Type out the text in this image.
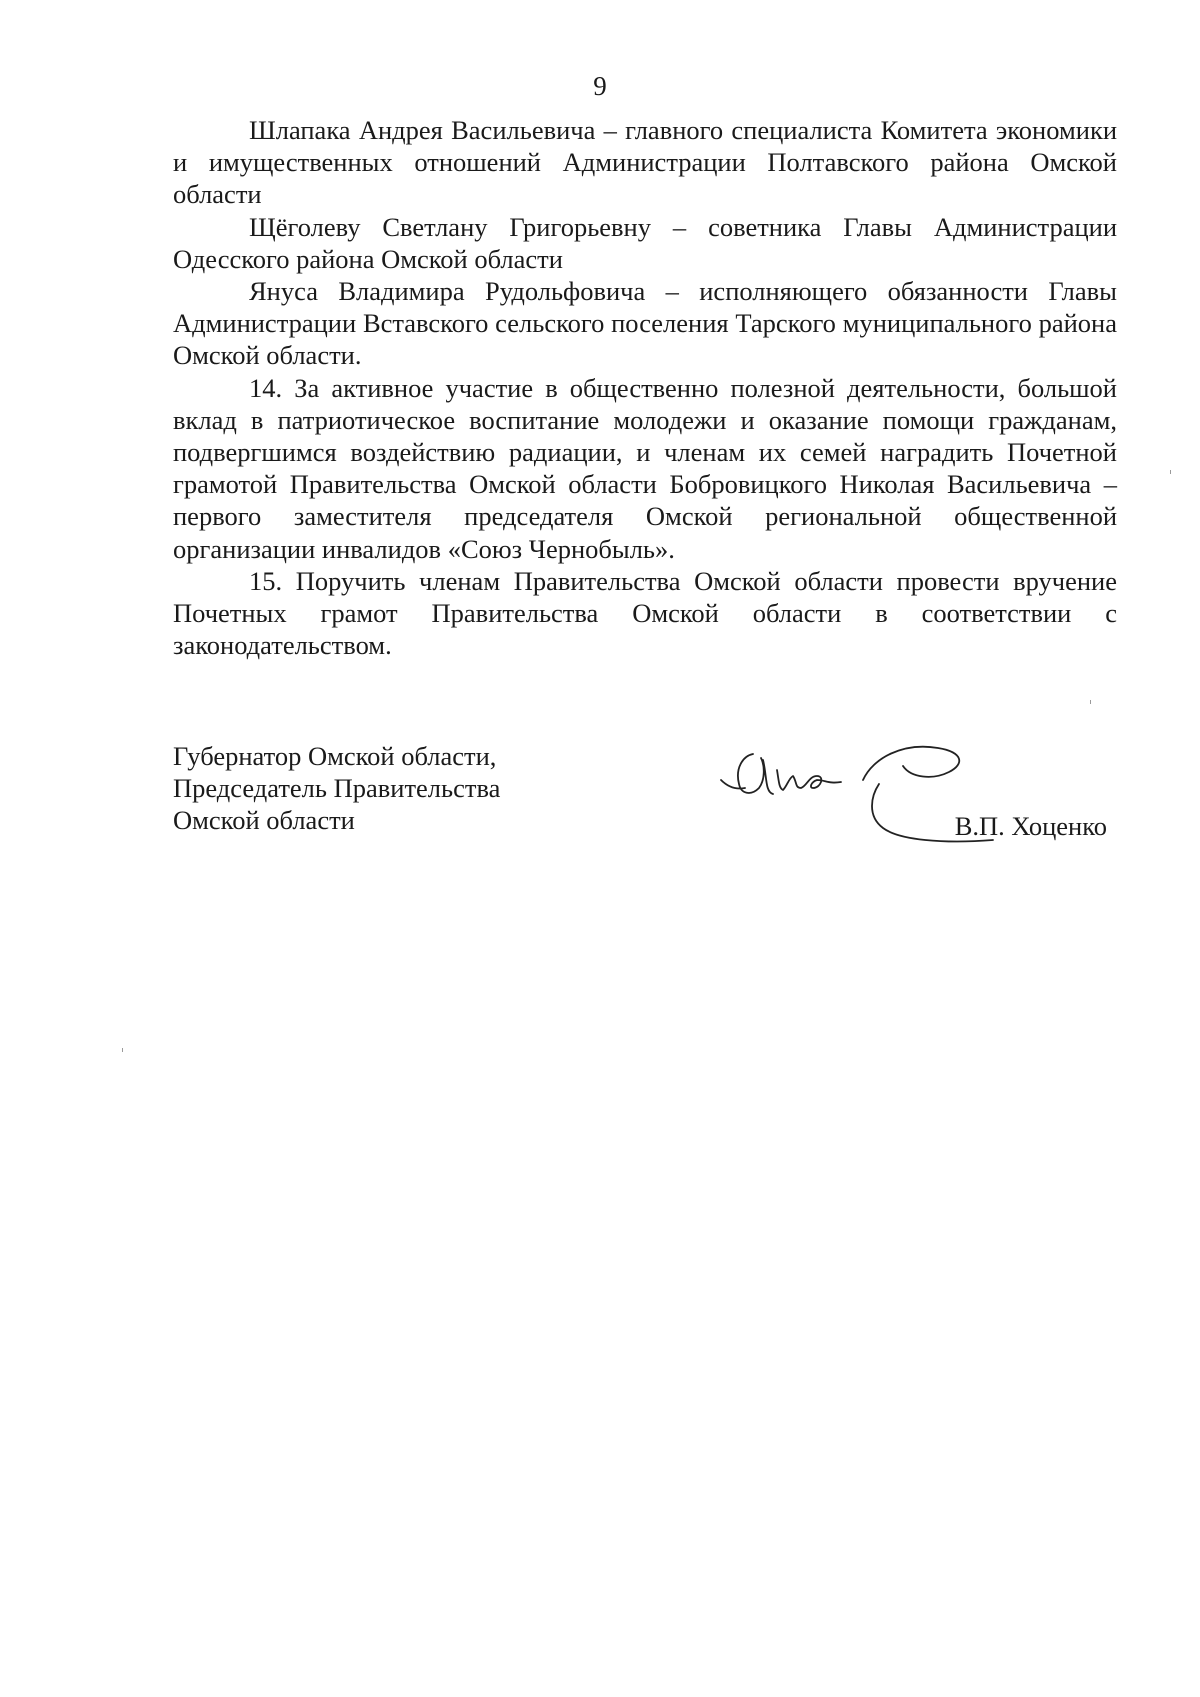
9

Шлапака Андрея Васильевича – главного специалиста Комитета экономики и имущественных отношений Администрации Полтавского района Омской области

Щёголеву Светлану Григорьевну – советника Главы Администрации Одесского района Омской области

Януса Владимира Рудольфовича – исполняющего обязанности Главы Администрации Вставского сельского поселения Тарского муниципального района Омской области.

14. За активное участие в общественно полезной деятельности, большой вклад в патриотическое воспитание молодежи и оказание помощи гражданам, подвергшимся воздействию радиации, и членам их семей наградить Почетной грамотой Правительства Омской области Бобровицкого Николая Васильевича – первого заместителя председателя Омской региональной общественной организации инвалидов «Союз Чернобыль».

15. Поручить членам Правительства Омской области провести вручение Почетных грамот Правительства Омской области в соответствии с законодательством.

Губернатор Омской области,
Председатель Правительства
Омской области	В.П. Хоценко
